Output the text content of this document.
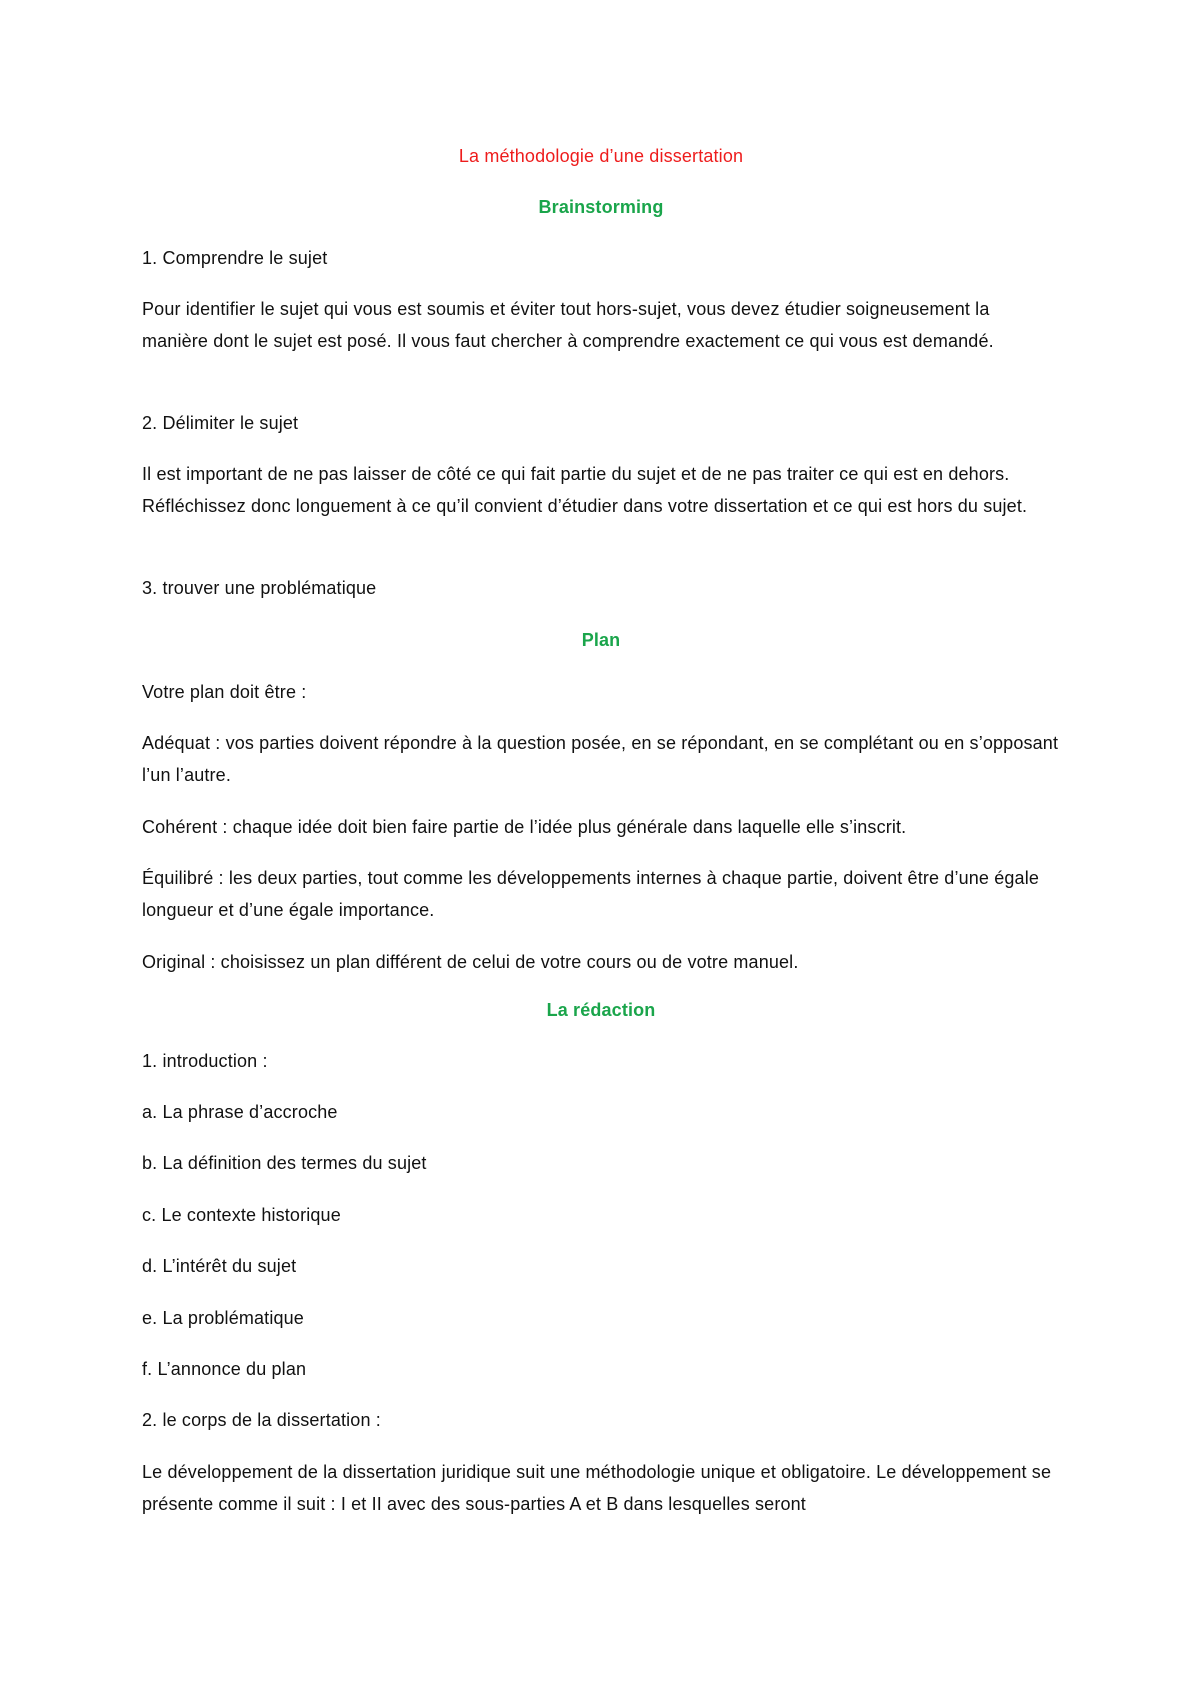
La méthodologie d’une dissertation
Brainstorming
1. Comprendre le sujet

Pour identifier le sujet qui vous est soumis et éviter tout hors-sujet, vous devez étudier soigneusement la manière dont le sujet est posé. Il vous faut chercher à comprendre exactement ce qui vous est demandé.

2. Délimiter le sujet

Il est important de ne pas laisser de côté ce qui fait partie du sujet et de ne pas traiter ce qui est en dehors. Réfléchissez donc longuement à ce qu’il convient d’étudier dans votre dissertation et ce qui est hors du sujet.

3. trouver une problématique
Plan
Votre plan doit être :

Adéquat : vos parties doivent répondre à la question posée, en se répondant, en se complétant ou en s’opposant l’un l’autre.

Cohérent : chaque idée doit bien faire partie de l’idée plus générale dans laquelle elle s’inscrit.

Équilibré : les deux parties, tout comme les développements internes à chaque partie, doivent être d’une égale longueur et d’une égale importance.

Original : choisissez un plan différent de celui de votre cours ou de votre manuel.

La rédaction
1. introduction :
a. La phrase d’accroche
b. La définition des termes du sujet
c. Le contexte historique
d. L’intérêt du sujet
e. La problématique
f. L’annonce du plan
2. le corps de la dissertation :

Le développement de la dissertation juridique suit une méthodologie unique et obligatoire. Le développement se présente comme il suit : I et II avec des sous-parties A et B dans lesquelles seront
